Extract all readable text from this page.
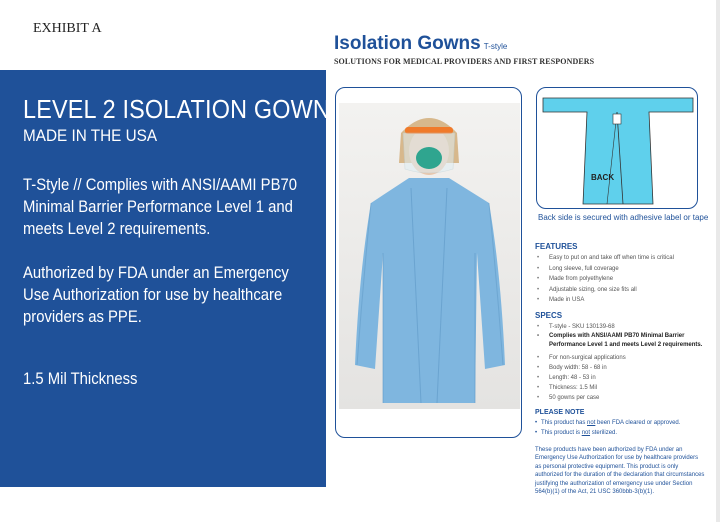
EXHIBIT A
LEVEL 2 ISOLATION GOWN
MADE IN THE USA
T-Style // Complies with ANSI/AAMI PB70 Minimal Barrier Performance Level 1 and meets Level 2 requirements.
Authorized by FDA under an Emergency Use Authorization for use by healthcare providers as PPE.
1.5 Mil Thickness
Isolation Gowns T-style
SOLUTIONS FOR MEDICAL PROVIDERS AND FIRST RESPONDERS
BACK
Back side is secured with adhesive label or tape
FEATURES
• Easy to put on and take off when time is critical
• Long sleeve, full coverage
• Made from polyethylene
• Adjustable sizing, one size fits all
• Made in USA
SPECS
• T-style - SKU 130139-68
• Complies with ANSI/AAMI PB70 Minimal Barrier Performance Level 1 and meets Level 2 requirements.
• For non-surgical applications
• Body width: 58 - 68 in
• Length: 48 - 53 in
• Thickness: 1.5 Mil
• 50 gowns per case
PLEASE NOTE
• This product has not been FDA cleared or approved.
• This product is not sterilized.
These products have been authorized by FDA under an Emergency Use Authorization for use by healthcare providers as personal protective equipment. This product is only authorized for the duration of the declaration that circumstances justifying the authorization of emergency use under Section 564(b)(1) of the Act, 21 USC 360bbb-3(b)(1).
